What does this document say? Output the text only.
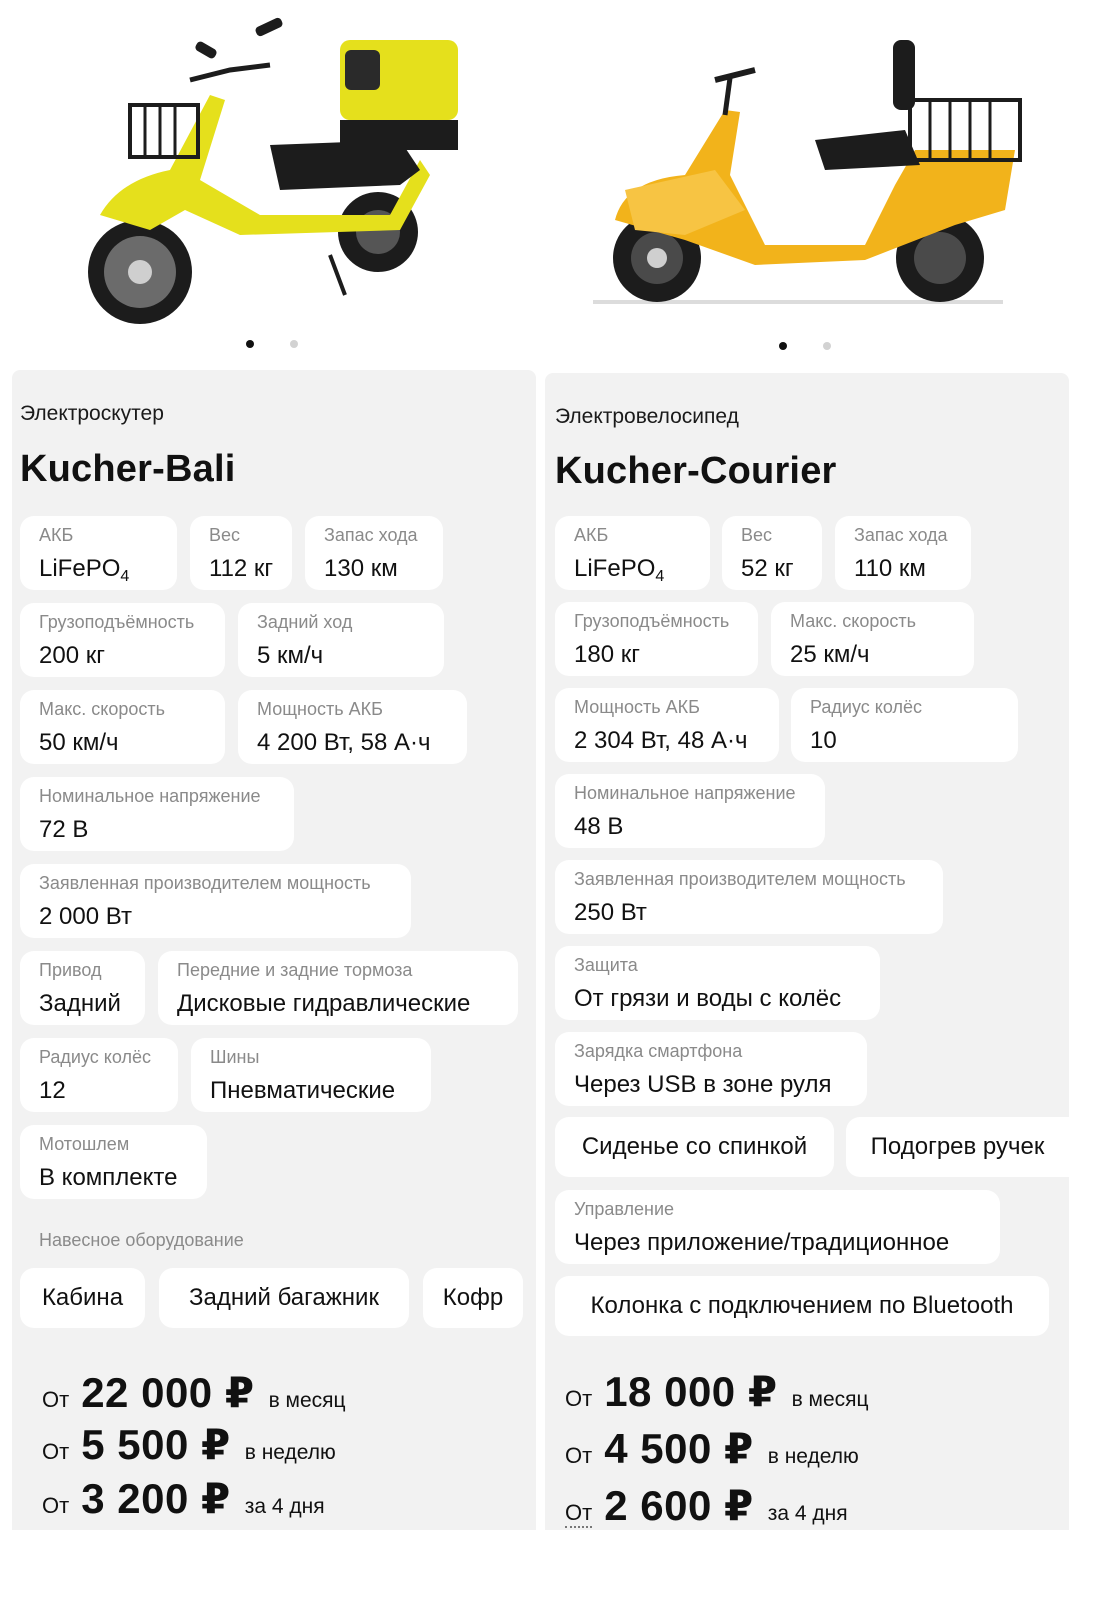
Электроскутер
Kucher-Bali
АКБ
LiFePO$_4$
Вес
112 кг
Запас хода
130 км
Грузоподъёмность
200 кг
Задний ход
5 км/ч
Макс. скорость
50 км/ч
Мощность АКБ
4 200 Вт, 58 А·ч
Номинальное напряжение
72 В
Заявленная производителем мощность
2 000 Вт
Привод
Задний
Передние и задние тормоза
Дисковые гидравлические
Радиус колёс
12
Шины
Пневматические
Мотошлем
В комплекте
Навесное оборудование
Кабина	Задний багажник	Кофр
От 22 000 ₽ в месяц
От 5 500 ₽ в неделю
От 3 200 ₽ за 4 дня
Электровелосипед
Kucher-Courier
АКБ
LiFePO$_4$
Вес
52 кг
Запас хода
110 км
Грузоподъёмность
180 кг
Макс. скорость
25 км/ч
Мощность АКБ
2 304 Вт, 48 А·ч
Радиус колёс
10
Номинальное напряжение
48 В
Заявленная производителем мощность
250 Вт
Защита
От грязи и воды с колёс
Зарядка смартфона
Через USB в зоне руля
Сиденье со спинкой	Подогрев ручек
Управление
Через приложение/традиционное
Колонка с подключением по Bluetooth
От 18 000 ₽ в месяц
От 4 500 ₽ в неделю
От 2 600 ₽ за 4 дня
